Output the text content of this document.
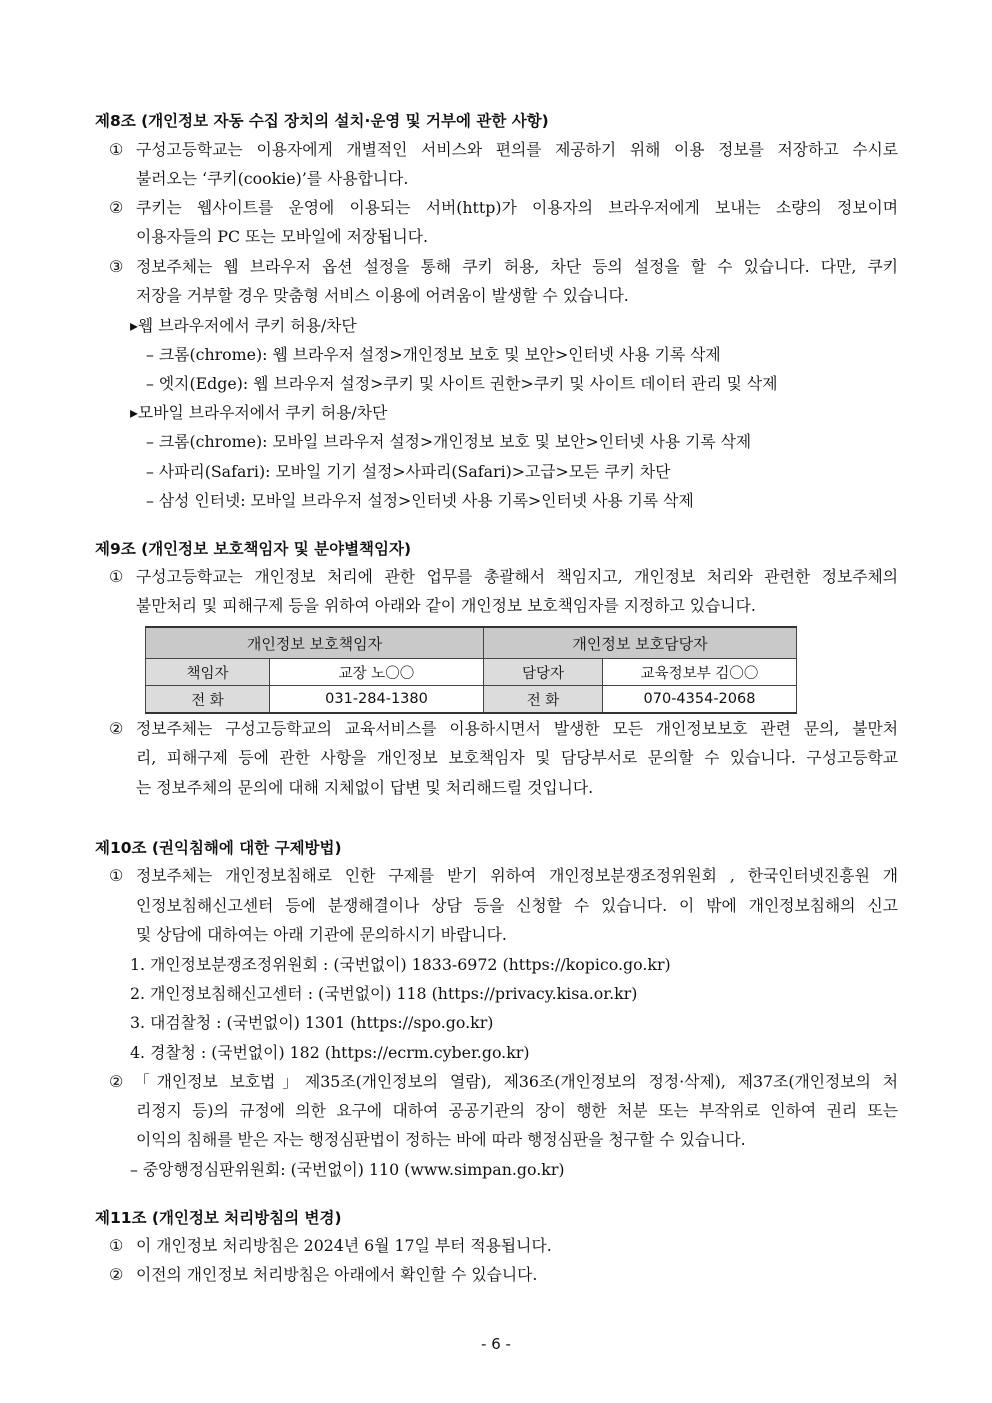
제8조 (개인정보 자동 수집 장치의 설치·운영 및 거부에 관한 사항)
① 구성고등학교는 이용자에게 개별적인 서비스와 편의를 제공하기 위해 이용 정보를 저장하고 수시로
불러오는 ‘쿠키(cookie)’를 사용합니다.
② 쿠키는 웹사이트를 운영에 이용되는 서버(http)가 이용자의 브라우저에게 보내는 소량의 정보이며
이용자들의 PC 또는 모바일에 저장됩니다.
③ 정보주체는 웹 브라우저 옵션 설정을 통해 쿠키 허용, 차단 등의 설정을 할 수 있습니다. 다만, 쿠키
저장을 거부할 경우 맞춤형 서비스 이용에 어려움이 발생할 수 있습니다.
▸웹 브라우저에서 쿠키 허용/차단
– 크롬(chrome): 웹 브라우저 설정>개인정보 보호 및 보안>인터넷 사용 기록 삭제
– 엣지(Edge): 웹 브라우저 설정>쿠키 및 사이트 권한>쿠키 및 사이트 데이터 관리 및 삭제
▸모바일 브라우저에서 쿠키 허용/차단
– 크롬(chrome): 모바일 브라우저 설정>개인정보 보호 및 보안>인터넷 사용 기록 삭제
– 사파리(Safari): 모바일 기기 설정>사파리(Safari)>고급>모든 쿠키 차단
– 삼성 인터넷: 모바일 브라우저 설정>인터넷 사용 기록>인터넷 사용 기록 삭제
제9조 (개인정보 보호책임자 및 분야별책임자)
① 구성고등학교는 개인정보 처리에 관한 업무를 총괄해서 책임지고, 개인정보 처리와 관련한 정보주체의
불만처리 및 피해구제 등을 위하여 아래와 같이 개인정보 보호책임자를 지정하고 있습니다.
개인정보 보호책임자		개인정보 보호담당자	
책임자	교장 노〇〇	담당자	교육정보부 김〇〇
전 화	031-284-1380	전 화	070-4354-2068
② 정보주체는 구성고등학교의 교육서비스를 이용하시면서 발생한 모든 개인정보보호 관련 문의, 불만처
리, 피해구제 등에 관한 사항을 개인정보 보호책임자 및 담당부서로 문의할 수 있습니다. 구성고등학교
는 정보주체의 문의에 대해 지체없이 답변 및 처리해드릴 것입니다.
제10조 (권익침해에 대한 구제방법)
① 정보주체는 개인정보침해로 인한 구제를 받기 위하여 개인정보분쟁조정위원회 , 한국인터넷진흥원 개
인정보침해신고센터 등에 분쟁해결이나 상담 등을 신청할 수 있습니다. 이 밖에 개인정보침해의 신고
및 상담에 대하여는 아래 기관에 문의하시기 바랍니다.
1. 개인정보분쟁조정위원회 : (국번없이) 1833-6972 (https://kopico.go.kr)
2. 개인정보침해신고센터 : (국번없이) 118 (https://privacy.kisa.or.kr)
3. 대검찰청 : (국번없이) 1301 (https://spo.go.kr)
4. 경찰청 : (국번없이) 182 (https://ecrm.cyber.go.kr)
② 「개인정보 보호법」제35조(개인정보의 열람), 제36조(개인정보의 정정·삭제), 제37조(개인정보의 처
리정지 등)의 규정에 의한 요구에 대하여 공공기관의 장이 행한 처분 또는 부작위로 인하여 권리 또는
이익의 침해를 받은 자는 행정심판법이 정하는 바에 따라 행정심판을 청구할 수 있습니다.
– 중앙행정심판위원회: (국번없이) 110 (www.simpan.go.kr)
제11조 (개인정보 처리방침의 변경)
① 이 개인정보 처리방침은 2024년 6월 17일 부터 적용됩니다.
② 이전의 개인정보 처리방침은 아래에서 확인할 수 있습니다.
- 6 -
